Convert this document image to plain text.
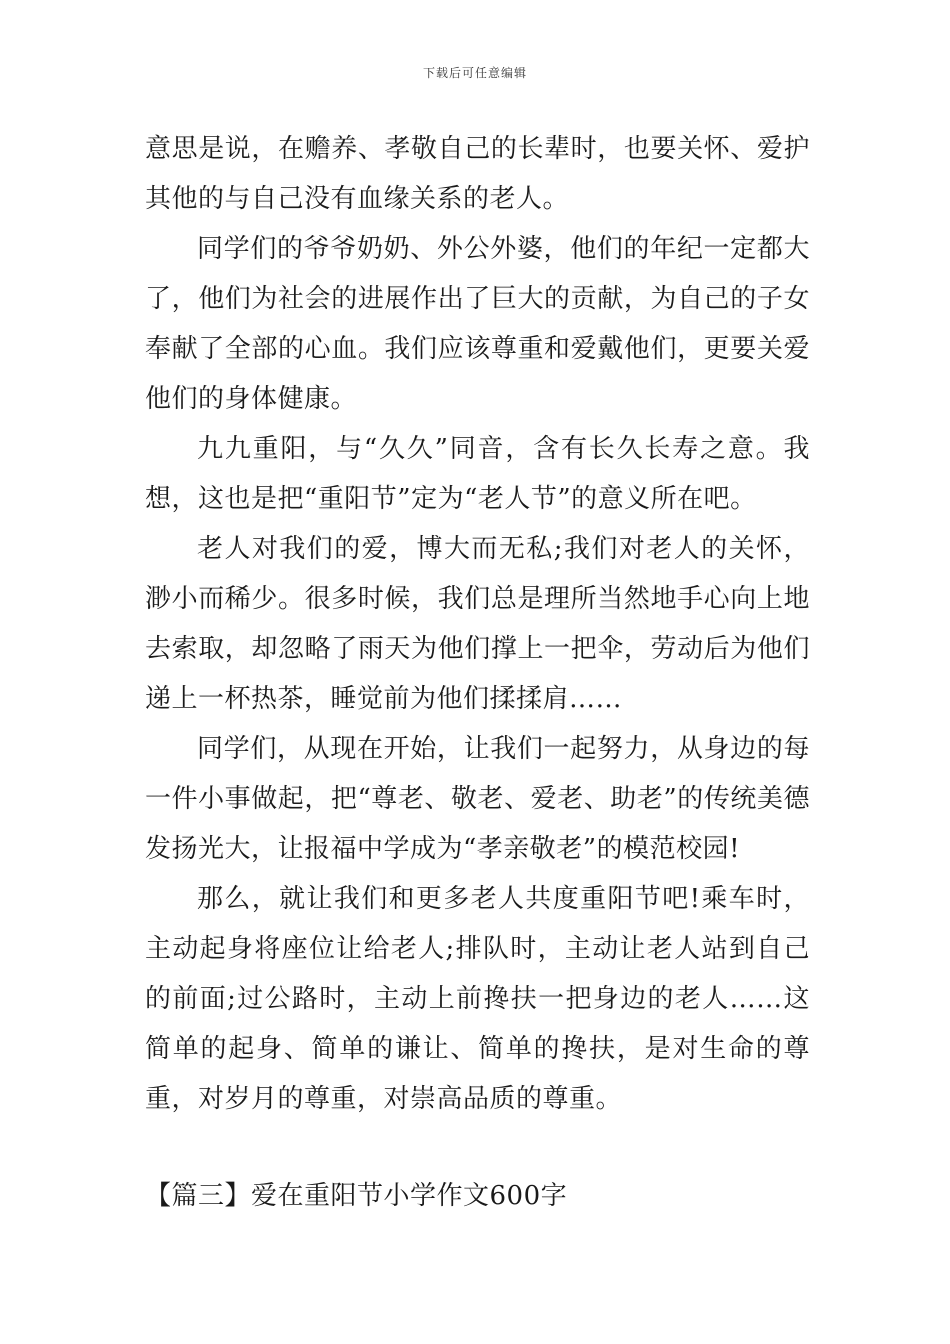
下载后可任意编辑

意思是说，在赡养、孝敬自己的长辈时，也要关怀、爱护其他的与自己没有血缘关系的老人。

同学们的爷爷奶奶、外公外婆，他们的年纪一定都大了，他们为社会的进展作出了巨大的贡献，为自己的子女奉献了全部的心血。我们应该尊重和爱戴他们，更要关爱他们的身体健康。

九九重阳，与“久久”同音，含有长久长寿之意。我想，这也是把“重阳节”定为“老人节”的意义所在吧。

老人对我们的爱，博大而无私;我们对老人的关怀，渺小而稀少。很多时候，我们总是理所当然地手心向上地去索取，却忽略了雨天为他们撑上一把伞，劳动后为他们递上一杯热茶，睡觉前为他们揉揉肩……

同学们，从现在开始，让我们一起努力，从身边的每一件小事做起，把“尊老、敬老、爱老、助老”的传统美德发扬光大，让报福中学成为“孝亲敬老”的模范校园!

那么，就让我们和更多老人共度重阳节吧!乘车时，主动起身将座位让给老人;排队时，主动让老人站到自己的前面;过公路时，主动上前搀扶一把身边的老人……这简单的起身、简单的谦让、简单的搀扶，是对生命的尊重，对岁月的尊重，对崇高品质的尊重。

【篇三】爱在重阳节小学作文600字
